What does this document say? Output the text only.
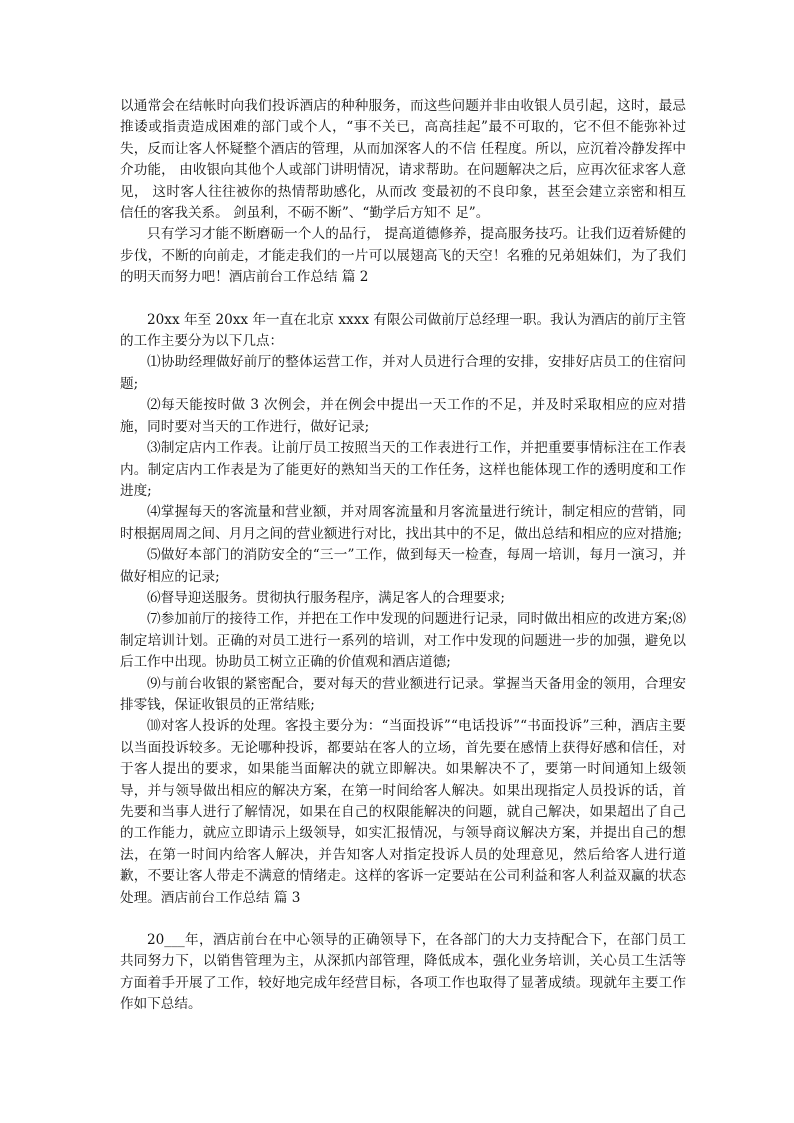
以通常会在结帐时向我们投诉酒店的种种服务，而这些问题并非由收银人员引起，这时，最忌推诿或指责造成困难的部门或个人，“事不关已，高高挂起”最不可取的，它不但不能弥补过失，反而让客人怀疑整个酒店的管理，从而加深客人的不信 任程度。所以，应沉着冷静发挥中介功能， 由收银向其他个人或部门讲明情况，请求帮助。在问题解决之后，应再次征求客人意见， 这时客人往往被你的热情帮助感化，从而改 变最初的不良印象，甚至会建立亲密和相互 信任的客我关系。 剑虽利，不砺不断”、“勤学后方知不 足”。

只有学习才能不断磨砺一个人的品行， 提高道德修养，提高服务技巧。让我们迈着矫健的步伐，不断的向前走，才能走我们的一片可以展翅高飞的天空！名雅的兄弟姐妹们，为了我们的明天而努力吧！酒店前台工作总结 篇 2

20xx 年至 20xx 年一直在北京 xxxx 有限公司做前厅总经理一职。我认为酒店的前厅主管的工作主要分为以下几点：

⑴协助经理做好前厅的整体运营工作，并对人员进行合理的安排，安排好店员工的住宿问题;

⑵每天能按时做 3 次例会，并在例会中提出一天工作的不足，并及时采取相应的应对措施，同时要对当天的工作进行，做好记录;

⑶制定店内工作表。让前厅员工按照当天的工作表进行工作，并把重要事情标注在工作表内。制定店内工作表是为了能更好的熟知当天的工作任务，这样也能体现工作的透明度和工作进度;

⑷掌握每天的客流量和营业额，并对周客流量和月客流量进行统计，制定相应的营销，同时根据周周之间、月月之间的营业额进行对比，找出其中的不足，做出总结和相应的应对措施;

⑸做好本部门的消防安全的“三一”工作，做到每天一检查，每周一培训，每月一演习，并做好相应的记录;

⑹督导迎送服务。贯彻执行服务程序，满足客人的合理要求;

⑺参加前厅的接待工作，并把在工作中发现的问题进行记录，同时做出相应的改进方案;⑻制定培训计划。正确的对员工进行一系列的培训，对工作中发现的问题进一步的加强，避免以后工作中出现。协助员工树立正确的价值观和酒店道德;

⑼与前台收银的紧密配合，要对每天的营业额进行记录。掌握当天备用金的领用，合理安排零钱，保证收银员的正常结账;

⑽对客人投诉的处理。客投主要分为：“当面投诉”“电话投诉”“书面投诉”三种，酒店主要以当面投诉较多。无论哪种投诉，都要站在客人的立场，首先要在感情上获得好感和信任，对于客人提出的要求，如果能当面解决的就立即解决。如果解决不了，要第一时间通知上级领导，并与领导做出相应的解决方案，在第一时间给客人解决。如果出现指定人员投诉的话，首先要和当事人进行了解情况，如果在自己的权限能解决的问题，就自己解决，如果超出了自己的工作能力，就应立即请示上级领导，如实汇报情况，与领导商议解决方案，并提出自己的想法，在第一时间内给客人解决，并告知客人对指定投诉人员的处理意见，然后给客人进行道歉，不要让客人带走不满意的情绪走。这样的客诉一定要站在公司利益和客人利益双赢的状态处理。酒店前台工作总结 篇 3

20___年，酒店前台在中心领导的正确领导下，在各部门的大力支持配合下，在部门员工共同努力下，以销售管理为主，从深抓内部管理，降低成本，强化业务培训，关心员工生活等方面着手开展了工作，较好地完成年经营目标，各项工作也取得了显著成绩。现就年主要工作作如下总结。
